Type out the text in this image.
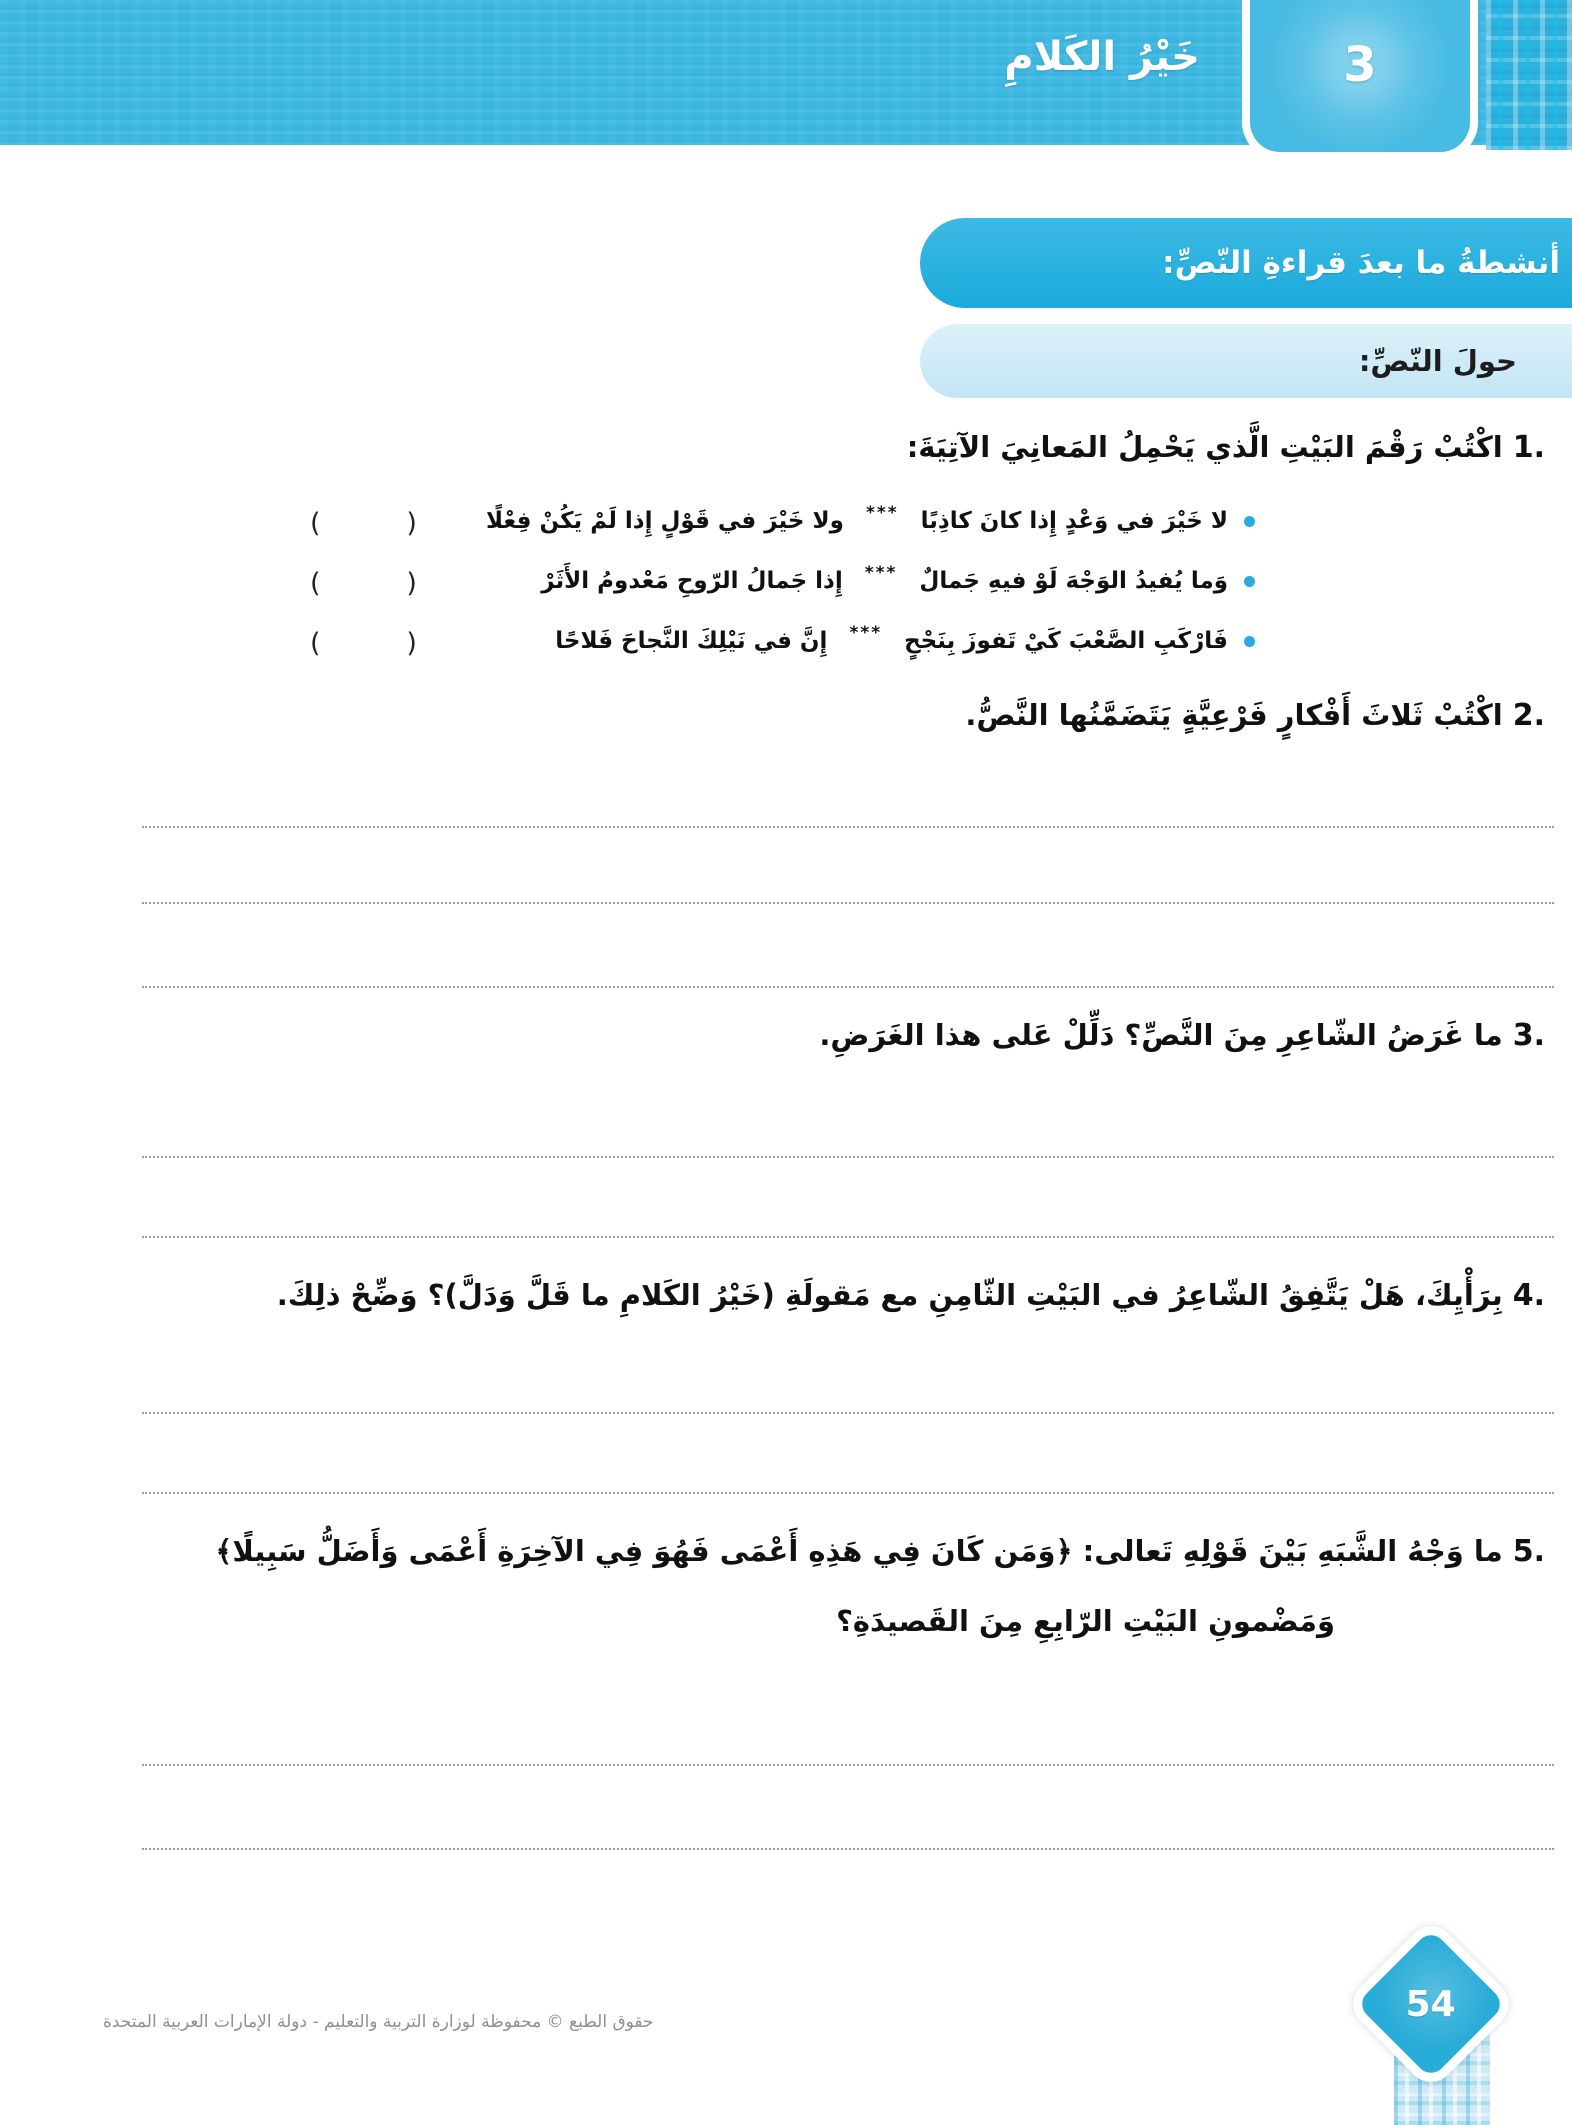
خَيْرُ الكَلامِ	3
أنشطةُ ما بعدَ قراءةِ النّصِّ:
حولَ النّصِّ:
1.
اكْتُبْ رَقْمَ البَيْتِ الَّذي يَحْمِلُ المَعانِيَ الآتِيَةَ:
لا خَيْرَ في وَعْدٍ إِذا كانَ كاذِبًا
***
ولا خَيْرَ في قَوْلٍ إِذا لَمْ يَكُنْ فِعْلًا
(          )
وَما يُفيدُ الوَجْهَ لَوْ فيهِ جَمالٌ
***
إِذا جَمالُ الرّوحِ مَعْدومُ الأَثَرْ
(          )
فَارْكَبِ الصَّعْبَ كَيْ تَفوزَ بِنَجْحٍ
***
إِنَّ في نَيْلِكَ النَّجاحَ فَلاحًا
(          )
2.
اكْتُبْ ثَلاثَ أَفْكارٍ فَرْعِيَّةٍ يَتَضَمَّنُها النَّصُّ.
3.
ما غَرَضُ الشّاعِرِ مِنَ النَّصِّ؟ دَلِّلْ عَلى هذا الغَرَضِ.
4.
بِرَأْيِكَ، هَلْ يَتَّفِقُ الشّاعِرُ في البَيْتِ الثّامِنِ مع مَقولَةِ (خَيْرُ الكَلامِ ما قَلَّ وَدَلَّ)؟ وَضِّحْ ذلِكَ.
5.
ما وَجْهُ الشَّبَهِ بَيْنَ قَوْلِهِ تَعالى: ﴿وَمَن كَانَ فِي هَذِهِ أَعْمَى فَهُوَ فِي الآخِرَةِ أَعْمَى وَأَضَلُّ سَبِيلًا﴾
وَمَضْمونِ البَيْتِ الرّابِعِ مِنَ القَصيدَةِ؟
حقوق الطبع © محفوظة لوزارة التربية والتعليم - دولة الإمارات العربية المتحدة	54
